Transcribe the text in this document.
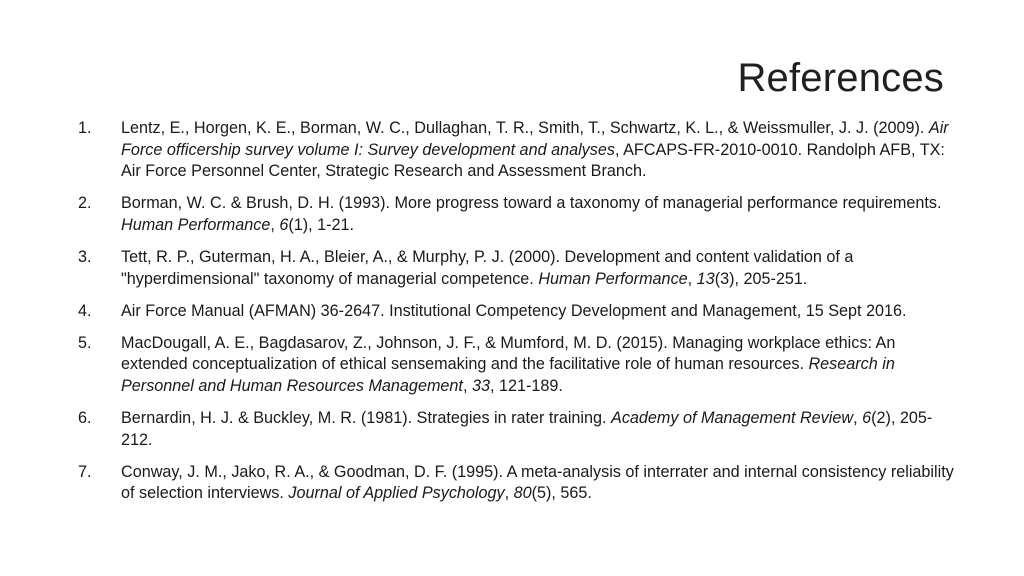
References
1. Lentz, E., Horgen, K. E., Borman, W. C., Dullaghan, T. R., Smith, T., Schwartz, K. L., & Weissmuller, J. J. (2009). Air Force officership survey volume I: Survey development and analyses, AFCAPS-FR-2010-0010. Randolph AFB, TX: Air Force Personnel Center, Strategic Research and Assessment Branch.
2. Borman, W. C. & Brush, D. H. (1993). More progress toward a taxonomy of managerial performance requirements. Human Performance, 6(1), 1-21.
3. Tett, R. P., Guterman, H. A., Bleier, A., & Murphy, P. J. (2000). Development and content validation of a "hyperdimensional" taxonomy of managerial competence. Human Performance, 13(3), 205-251.
4. Air Force Manual (AFMAN) 36-2647. Institutional Competency Development and Management, 15 Sept 2016.
5. MacDougall, A. E., Bagdasarov, Z., Johnson, J. F., & Mumford, M. D. (2015). Managing workplace ethics: An extended conceptualization of ethical sensemaking and the facilitative role of human resources. Research in Personnel and Human Resources Management, 33, 121-189.
6. Bernardin, H. J. & Buckley, M. R. (1981). Strategies in rater training. Academy of Management Review, 6(2), 205-212.
7. Conway, J. M., Jako, R. A., & Goodman, D. F. (1995). A meta-analysis of interrater and internal consistency reliability of selection interviews. Journal of Applied Psychology, 80(5), 565.
